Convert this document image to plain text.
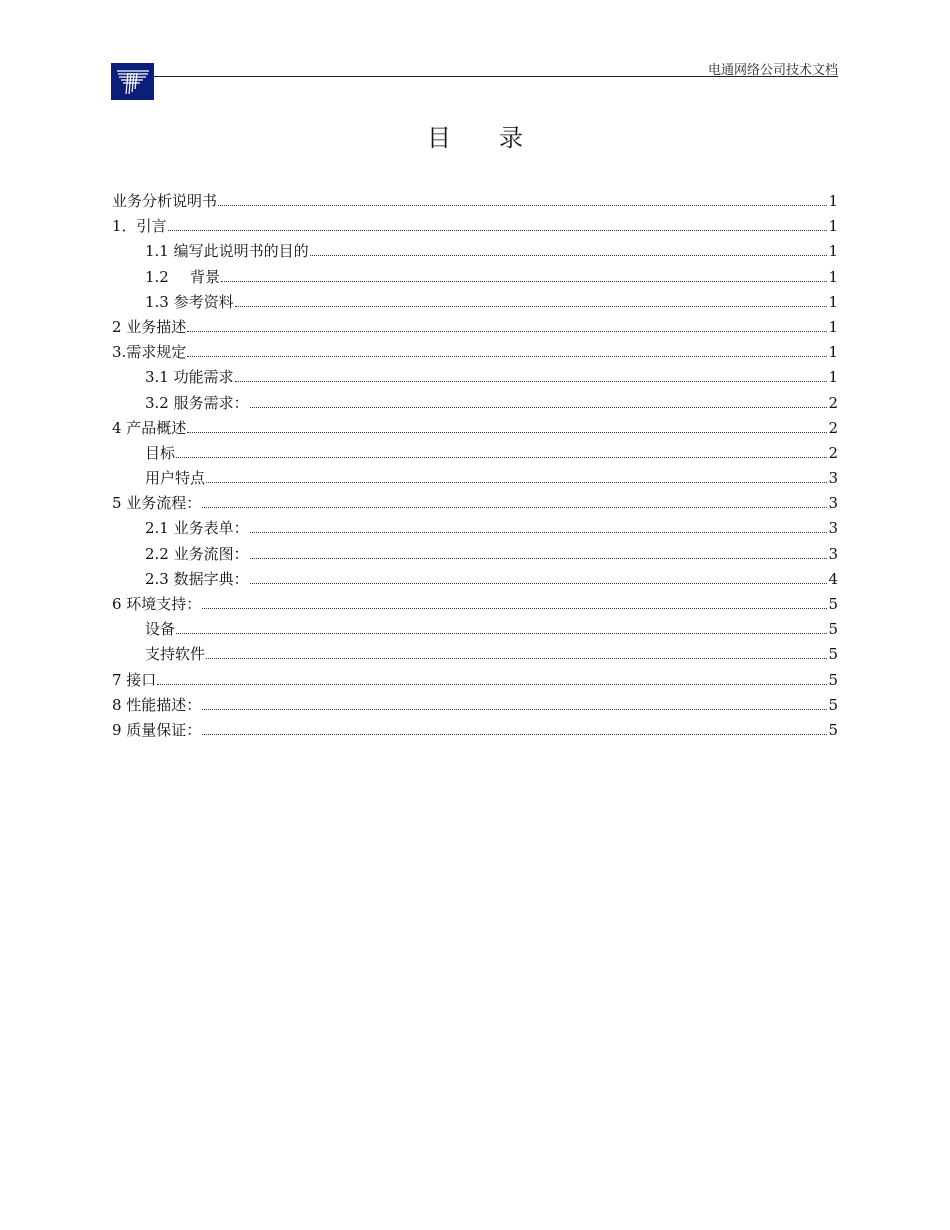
电通网络公司技术文档
目 录
业务分析说明书	1
1．引言	1
1.1 编写此说明书的目的	1
1.2 背景	1
1.3 参考资料	1
2 业务描述	1
3.需求规定	1
3.1 功能需求	1
3.2 服务需求：	2
4 产品概述	2
目标	2
用户特点	3
5 业务流程：	3
2.1 业务表单：	3
2.2 业务流图：	3
2.3 数据字典：	4
6 环境支持：	5
设备	5
支持软件	5
7 接口	5
8 性能描述：	5
9 质量保证：	5
